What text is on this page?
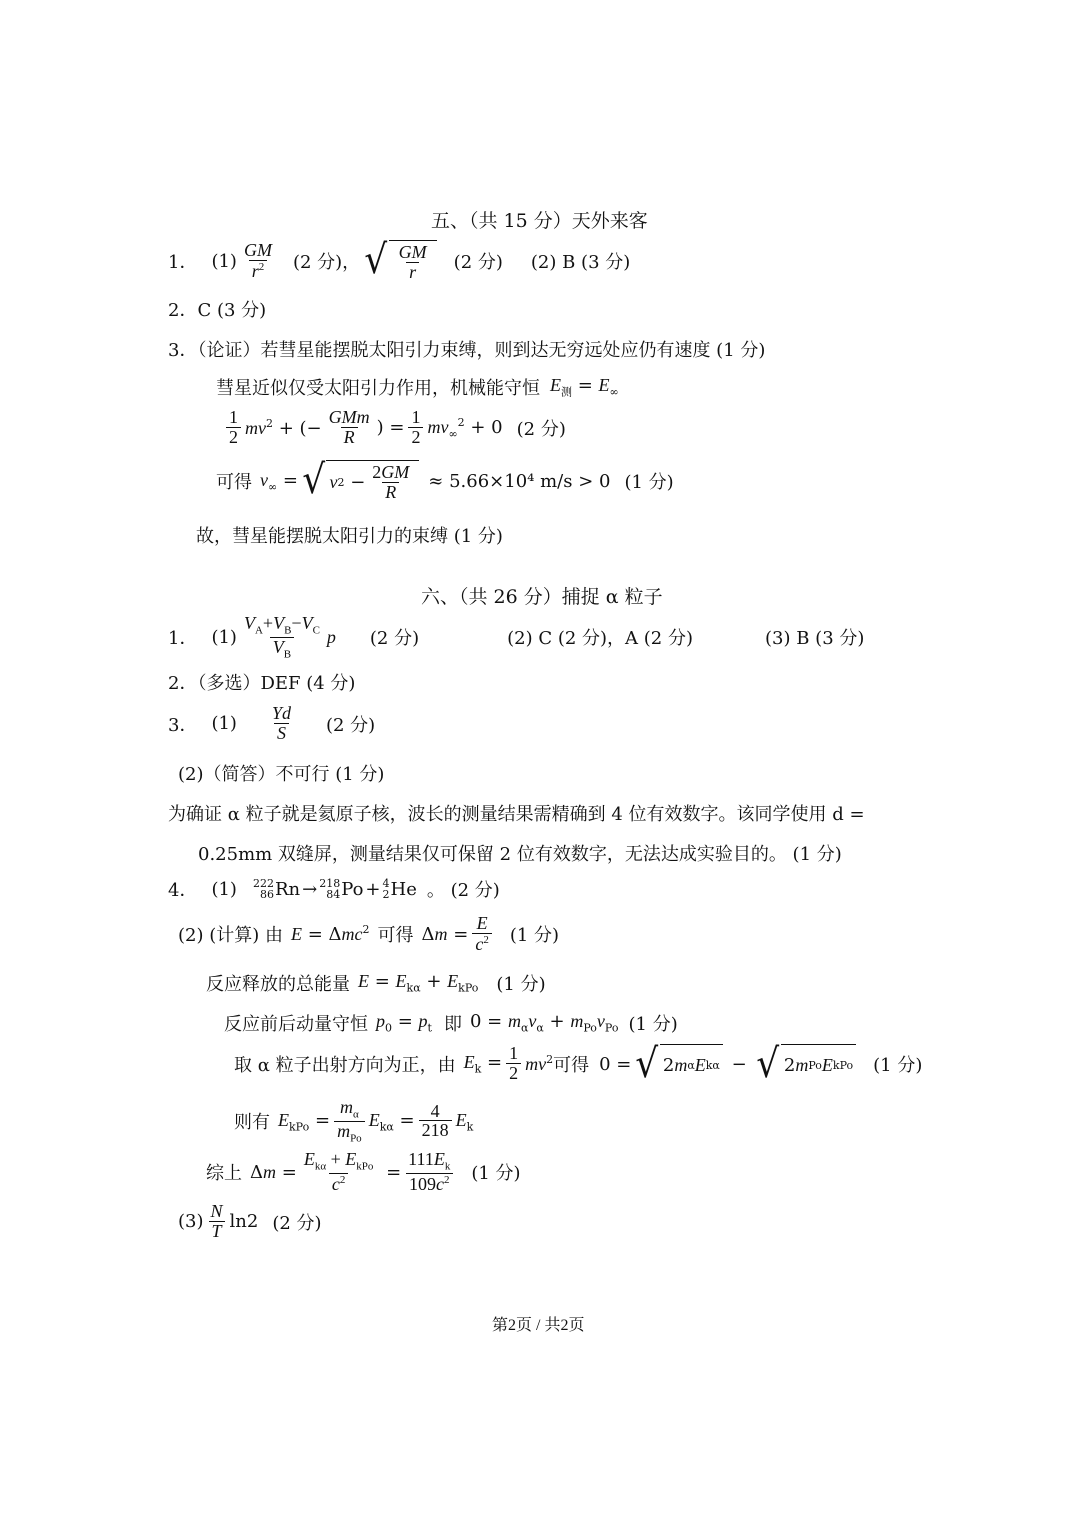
五、（共 15 分）天外来客
1． $(1) \frac{GM}{r^2} (2$ 分)， √ $\frac{GM}{r} (2$ 分) (2) B (3 分)
2．C (3 分)
3．（论证）若彗星能摆脱太阳引力束缚，则到达无穷远处应仍有速度 (1 分)
彗星近似仅受太阳引力作用，机械能守恒 $E_测 = E_\infty$
$\frac{1}{2} mv^2$ + (− $\frac{\text{GMm}}{R}$ ) = $\frac{1}{2} mv_\infty^2 + 0$ (2 分)
可得 $v_\infty$ = √ v $2 - \frac{2GM}{R} \approx 5.66\times 10^4$ m/s > 0 (1 分)
故，彗星能摆脱太阳引力的束缚 (1 分)
六、（共 26 分）捕捉 α 粒子
1． $(1) \frac{V_A+V_B-V_C}{V_B}$ p (2 分)	(2) C (2 分)，A (2 分)	(3) B (3 分)
2．（多选）DEF (4 分)
3． $(1) \frac{Yd}{S} (2$ 分)
(2)（简答）不可行 (1 分)
为确证 α 粒子就是氦原子核，波长的测量结果需精确到 4 位有效数字。该同学使用 d =
0.25mm 双缝屏，测量结果仅可保留 2 位有效数字，无法达成实验目的。 (1 分)
4． (1) 222
86 Rn → 218
84 Po + 4
2 He 。 (2 分)
(2) (计算) 由 E = Δmc$^2$ 可得 $\Delta m = \frac{E}{c^2} (1$ 分)
反应释放的总能量 $E = E_{k\alpha} + E_{kPo}$ (1 分)
反应前后动量守恒 $p_0 = p_t$ 即 $0 = m_\alpha v_\alpha + m_{Po}v_{Po}$ (1 分)
取 α 粒子出射方向为正，由 $E_k = \frac{1}{2} mv^2$ 可得 0 = √ 2 m α E kα − √ 2 m Po E kPo (1 分)
则有 $E_{kPo} = \frac{m_\alpha}{m_{Po}} E_{k\alpha} = \frac{4}{218} E_k$
综上 $\Delta m = \frac{E_{k\alpha} + E_{kPo}}{c^2} = \frac{111E_k}{109c^2} (1$ 分)
$(3) \frac{N}{T} \ln 2$ (2 分)
第2页 / 共2页
